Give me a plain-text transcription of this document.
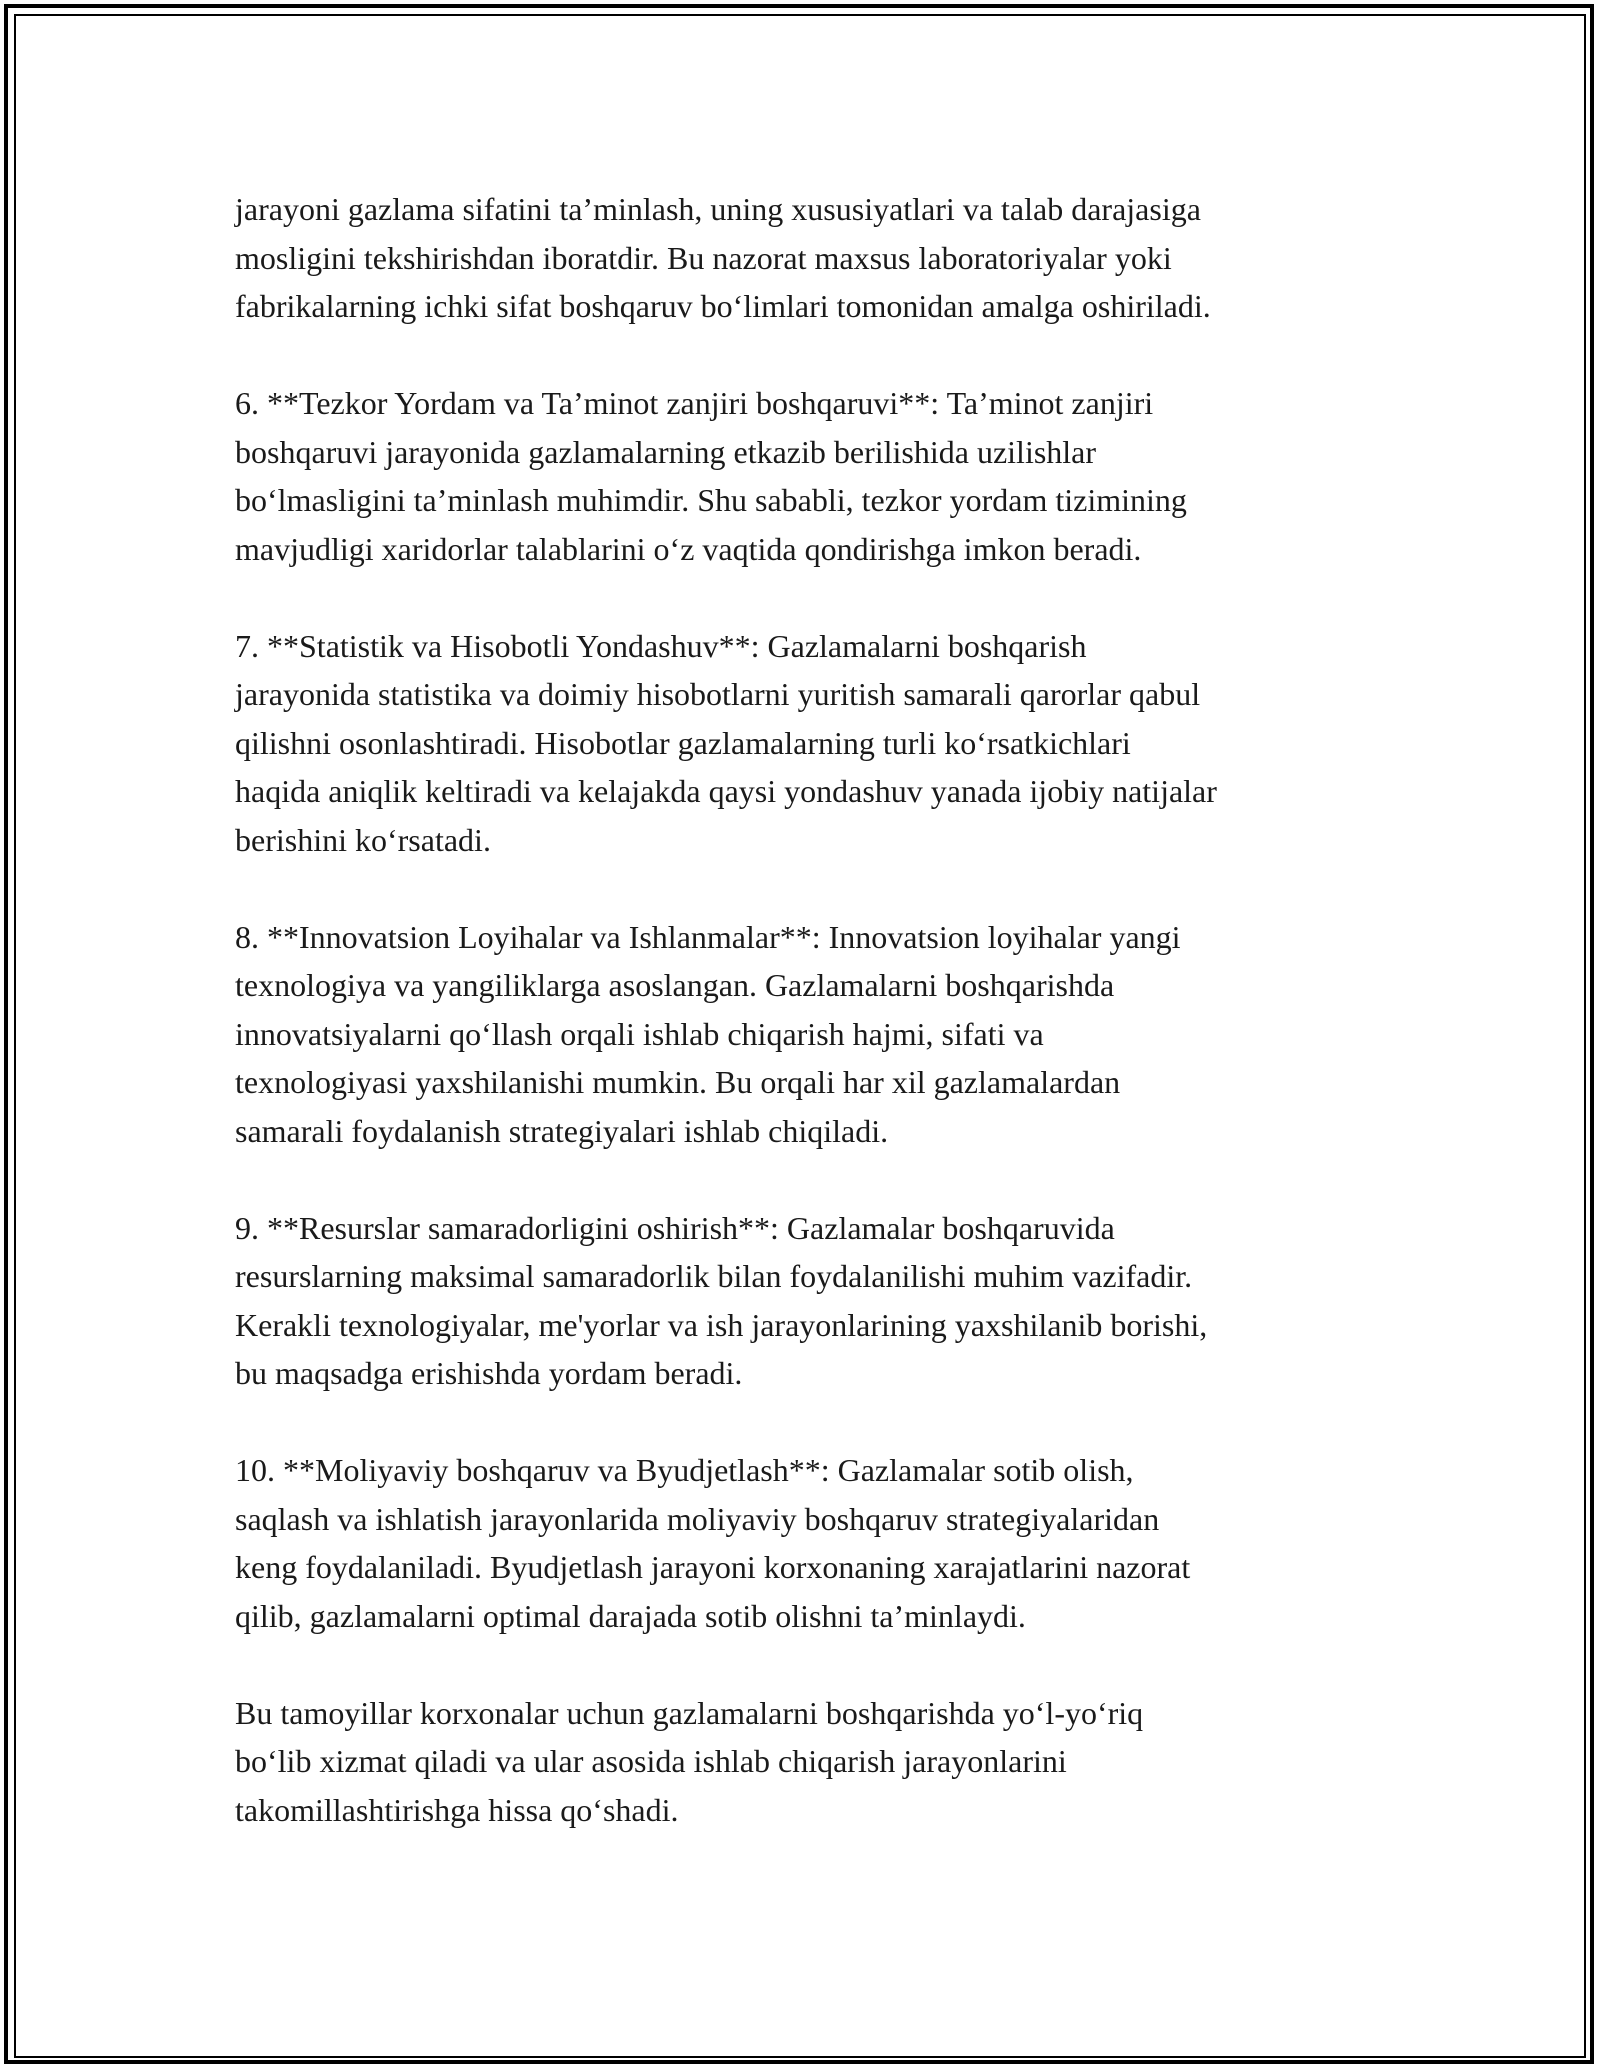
jarayoni gazlama sifatini ta’minlash, uning xususiyatlari va talab darajasiga
mosligini tekshirishdan iboratdir. Bu nazorat maxsus laboratoriyalar yoki
fabrikalarning ichki sifat boshqaruv bo‘limlari tomonidan amalga oshiriladi.

6. **Tezkor Yordam va Ta’minot zanjiri boshqaruvi**: Ta’minot zanjiri
boshqaruvi jarayonida gazlamalarning etkazib berilishida uzilishlar
bo‘lmasligini ta’minlash muhimdir. Shu sababli, tezkor yordam tizimining
mavjudligi xaridorlar talablarini o‘z vaqtida qondirishga imkon beradi.

7. **Statistik va Hisobotli Yondashuv**: Gazlamalarni boshqarish
jarayonida statistika va doimiy hisobotlarni yuritish samarali qarorlar qabul
qilishni osonlashtiradi. Hisobotlar gazlamalarning turli ko‘rsatkichlari
haqida aniqlik keltiradi va kelajakda qaysi yondashuv yanada ijobiy natijalar
berishini ko‘rsatadi.

8. **Innovatsion Loyihalar va Ishlanmalar**: Innovatsion loyihalar yangi
texnologiya va yangiliklarga asoslangan. Gazlamalarni boshqarishda
innovatsiyalarni qo‘llash orqali ishlab chiqarish hajmi, sifati va
texnologiyasi yaxshilanishi mumkin. Bu orqali har xil gazlamalardan
samarali foydalanish strategiyalari ishlab chiqiladi.

9. **Resurslar samaradorligini oshirish**: Gazlamalar boshqaruvida
resurslarning maksimal samaradorlik bilan foydalanilishi muhim vazifadir.
Kerakli texnologiyalar, me'yorlar va ish jarayonlarining yaxshilanib borishi,
bu maqsadga erishishda yordam beradi.

10. **Moliyaviy boshqaruv va Byudjetlash**: Gazlamalar sotib olish,
saqlash va ishlatish jarayonlarida moliyaviy boshqaruv strategiyalaridan
keng foydalaniladi. Byudjetlash jarayoni korxonaning xarajatlarini nazorat
qilib, gazlamalarni optimal darajada sotib olishni ta’minlaydi.

Bu tamoyillar korxonalar uchun gazlamalarni boshqarishda yo‘l-yo‘riq
bo‘lib xizmat qiladi va ular asosida ishlab chiqarish jarayonlarini
takomillashtirishga hissa qo‘shadi.
